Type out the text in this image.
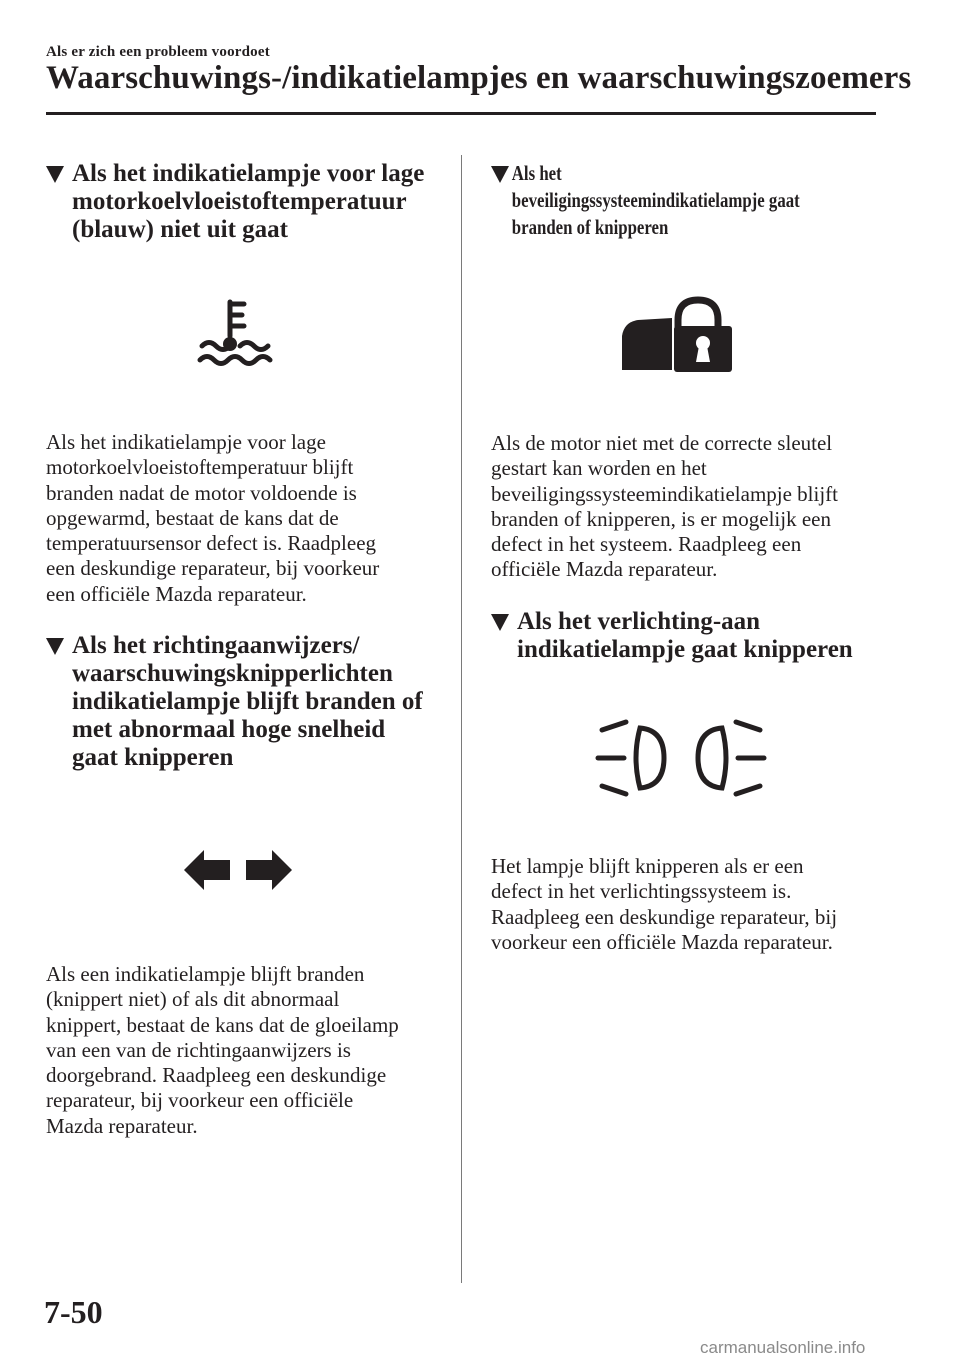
Als er zich een probleem voordoet
Waarschuwings-/indikatielampjes en waarschuwingszoemers
Als het indikatielampje voor lage
motorkoelvloeistoftemperatuur
(blauw) niet uit gaat

Als het indikatielampje voor lage

motorkoelvloeistoftemperatuur blijft

branden nadat de motor voldoende is

opgewarmd, bestaat de kans dat de

temperatuursensor defect is. Raadpleeg

een deskundige reparateur, bij voorkeur

een officiële Mazda reparateur.

Als het richtingaanwijzers/
waarschuwingsknipperlichten
indikatielampje blijft branden of
met abnormaal hoge snelheid
gaat knipperen

Als een indikatielampje blijft branden

(knippert niet) of als dit abnormaal

knippert, bestaat de kans dat de gloeilamp

van een van de richtingaanwijzers is

doorgebrand. Raadpleeg een deskundige

reparateur, bij voorkeur een officiële

Mazda reparateur.

Als het
beveiligingssysteemindikatielampje gaat
branden of knipperen

Als de motor niet met de correcte sleutel

gestart kan worden en het

beveiligingssysteemindikatielampje blijft

branden of knipperen, is er mogelijk een

defect in het systeem. Raadpleeg een

officiële Mazda reparateur.

Als het verlichting-aan
indikatielampje gaat knipperen

Het lampje blijft knipperen als er een

defect in het verlichtingssysteem is.

Raadpleeg een deskundige reparateur, bij

voorkeur een officiële Mazda reparateur.

7-50
carmanualsonline.info
